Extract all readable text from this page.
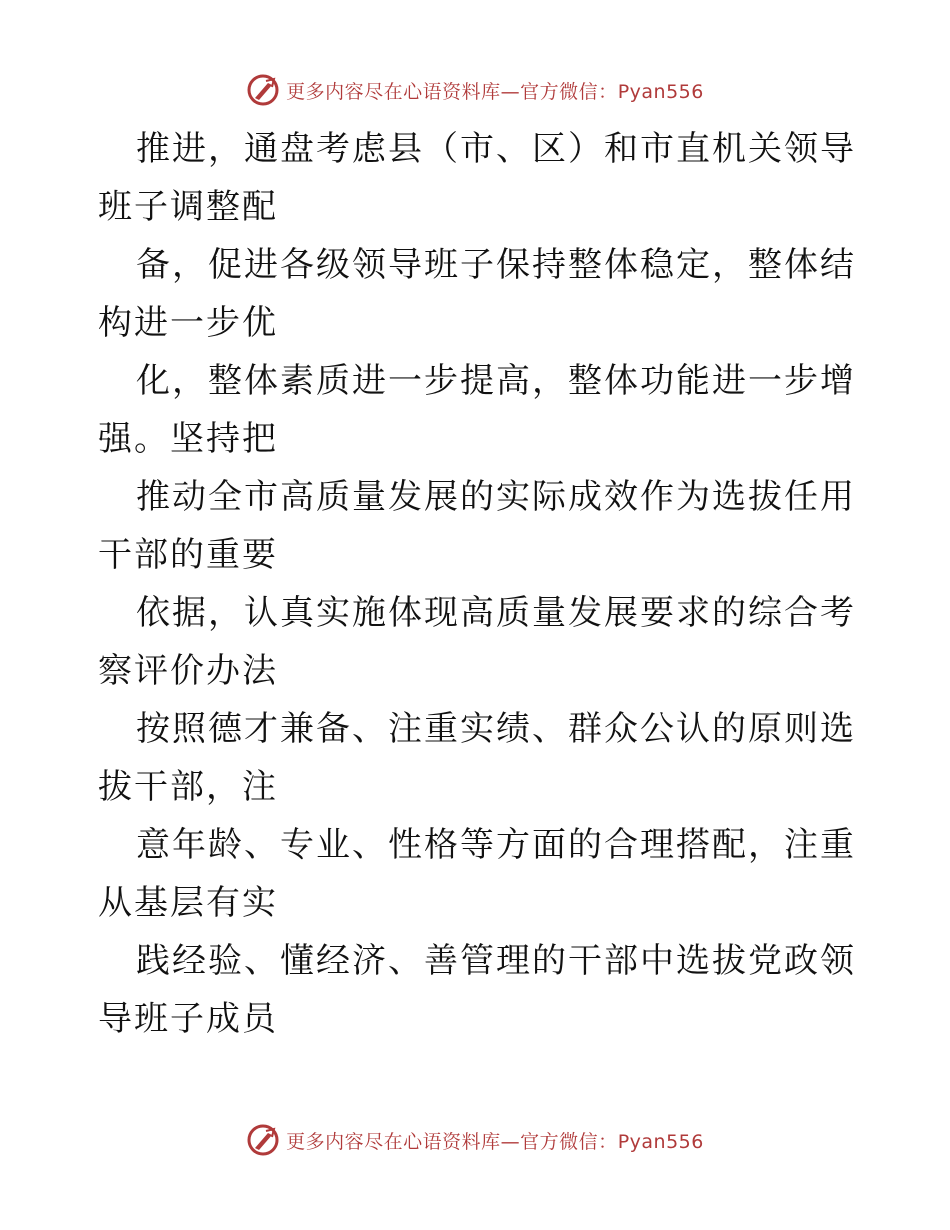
更多内容尽在心语资料库—官方微信：Pyan556

推进，通盘考虑县（市、区）和市直机关领导班子调整配

备，促进各级领导班子保持整体稳定，整体结构进一步优

化，整体素质进一步提高，整体功能进一步增强。坚持把

推动全市高质量发展的实际成效作为选拔任用干部的重要

依据，认真实施体现高质量发展要求的综合考察评价办法

按照德才兼备、注重实绩、群众公认的原则选拔干部，注

意年龄、专业、性格等方面的合理搭配，注重从基层有实

践经验、懂经济、善管理的干部中选拔党政领导班子成员

更多内容尽在心语资料库—官方微信：Pyan556
